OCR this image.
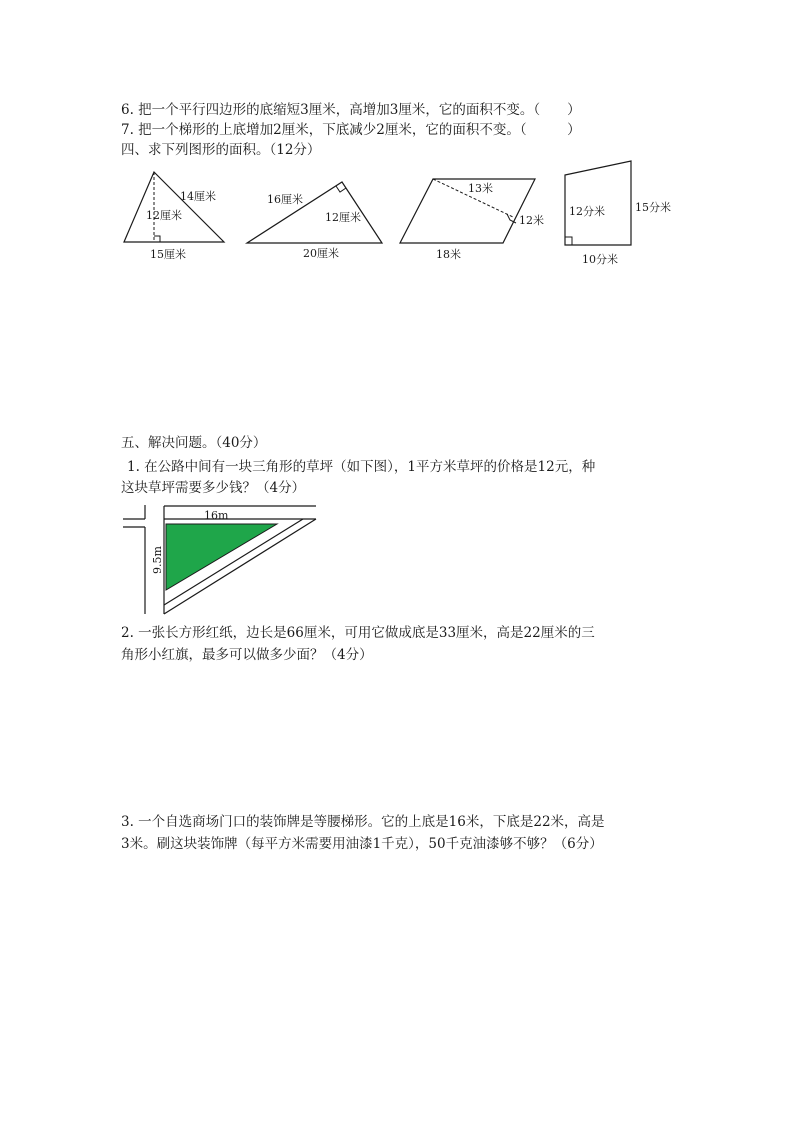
6. 把一个平行四边形的底缩短3厘米，高增加3厘米，它的面积不变。（　　）
7. 把一个梯形的上底增加2厘米，下底减少2厘米，它的面积不变。（　　　）
四、求下列图形的面积。（12分）
14厘米
12厘米
15厘米
16厘米
12厘米
20厘米
13米
12米
18米
12分米	15分米
10分米
五、解决问题。（40分）
1. 在公路中间有一块三角形的草坪（如下图），1平方米草坪的价格是12元，种
这块草坪需要多少钱？（4分）
16m
9.5m
2. 一张长方形红纸，边长是66厘米，可用它做成底是33厘米，高是22厘米的三
角形小红旗，最多可以做多少面？（4分）
3. 一个自选商场门口的装饰牌是等腰梯形。它的上底是16米，下底是22米，高是
3米。刷这块装饰牌（每平方米需要用油漆1千克），50千克油漆够不够？（6分）
